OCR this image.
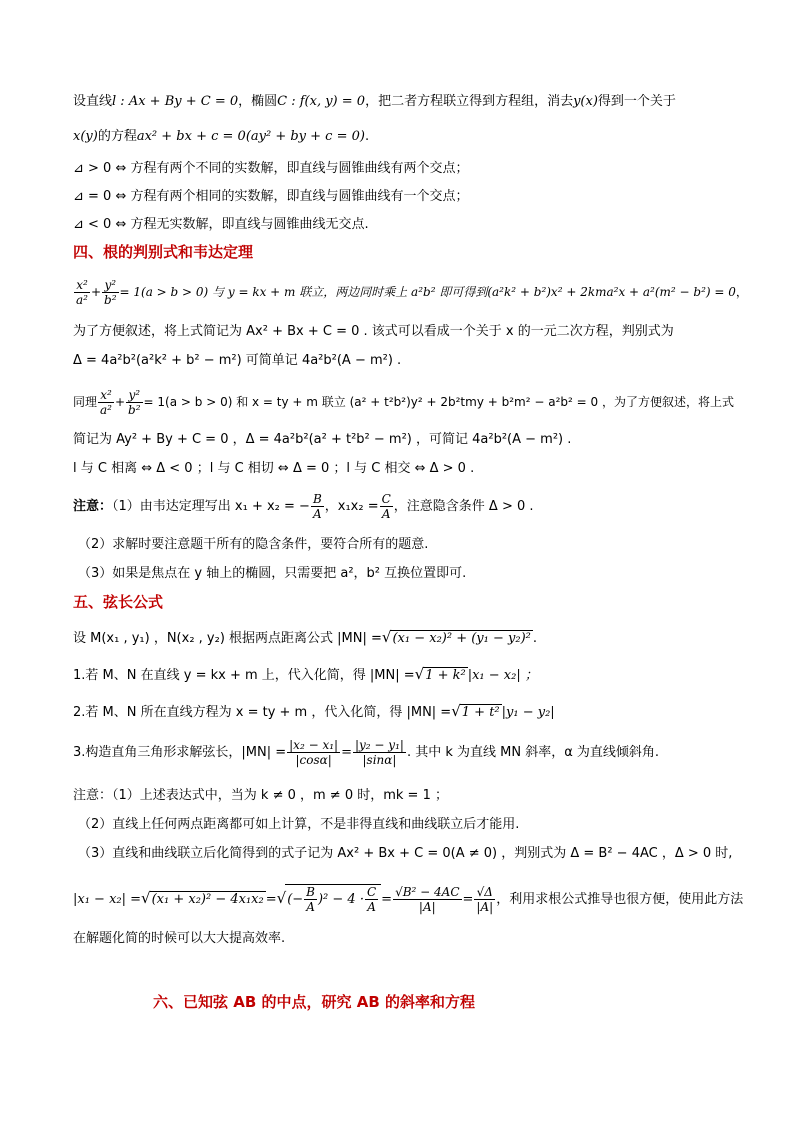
设直线l : Ax + By + C = 0，椭圆C : f(x, y) = 0，把二者方程联立得到方程组，消去y(x)得到一个关于
x(y)的方程ax² + bx + c = 0(ay² + by + c = 0).
⊿ > 0 ⇔ 方程有两个不同的实数解，即直线与圆锥曲线有两个交点；
⊿ = 0 ⇔ 方程有两个相同的实数解，即直线与圆锥曲线有一个交点；
⊿ < 0 ⇔ 方程无实数解，即直线与圆锥曲线无交点.
四、根的判别式和韦达定理
$\frac{\text{x²}}{\text{a²}} + \frac{\text{y²}}{\text{b²}} = 1(a > b > 0)$ 与 y = kx + m 联立，两边同时乘上 a²b² 即可得到(a²k² + b²)x² + 2kma²x + a²(m² − b²) = 0，
为了方便叙述，将上式简记为 Ax² + Bx + C = 0 . 该式可以看成一个关于 x 的一元二次方程，判别式为
Δ = 4a²b²(a²k² + b² − m²) 可简单记 4a²b²(A − m²) .
同理 $\frac{\text{x²}}{\text{a²}} + \frac{\text{y²}}{\text{b²}} = 1(a > b > 0)$ 和 x = ty + m 联立 (a² + t²b²)y² + 2b²tmy + b²m² − a²b² = 0 ，为了方便叙述，将上式
简记为 Ay² + By + C = 0 ，Δ = 4a²b²(a² + t²b² − m²) ，可简记 4a²b²(A − m²) .
l 与 C 相离 ⇔ Δ < 0 ；l 与 C 相切 ⇔ Δ = 0 ；l 与 C 相交 ⇔ Δ > 0 .
注意：（1）由韦达定理写出 x₁ + x₂ = − $\frac{B}{A}$ ，$x_1x_2 = \frac{C}{A}$ ，注意隐含条件 Δ > 0 .
（2）求解时要注意题干所有的隐含条件，要符合所有的题意.
（3）如果是焦点在 y 轴上的椭圆，只需要把 a²，b² 互换位置即可.
五、弦长公式
设 M(x₁ , y₁) ，N(x₂ , y₂) 根据两点距离公式 |MN| =√(x₁ − x₂)² + (y₁ − y₂)² .
1.若 M、N 在直线 y = kx + m 上，代入化简，得 |MN| =√1 + k² |x₁ − x₂| ；
2.若 M、N 所在直线方程为 x = ty + m ，代入化简，得 |MN| =√1 + t² |y₁ − y₂|
3.构造直角三角形求解弦长，$|MN| = \frac{\text{|x₂ − x₁|}}{|\cos\alpha|} = \frac{\text{|y₂ − y₁|}}{|\sin\alpha|}$ . 其中 k 为直线 MN 斜率，α 为直线倾斜角.
注意：（1）上述表达式中，当为 k ≠ 0 ，m ≠ 0 时，mk = 1 ；
（2）直线上任何两点距离都可如上计算，不是非得直线和曲线联立后才能用.
（3）直线和曲线联立后化简得到的式子记为 Ax² + Bx + C = 0(A ≠ 0) ，判别式为 Δ = B² − 4AC ，Δ > 0 时,
|x₁ − x₂| =√(x₁ + x₂)² − 4x₁x₂ =√(− $\frac{B}{A} )^2 - 4 \cdot \frac{C}{A} = \frac{\text{√B² − 4AC}}{|A|} = \frac{√\Delta}{|A|}$ ，利用求根公式推导也很方便，使用此方法
在解题化简的时候可以大大提高效率.
六、已知弦 AB 的中点，研究 AB 的斜率和方程
